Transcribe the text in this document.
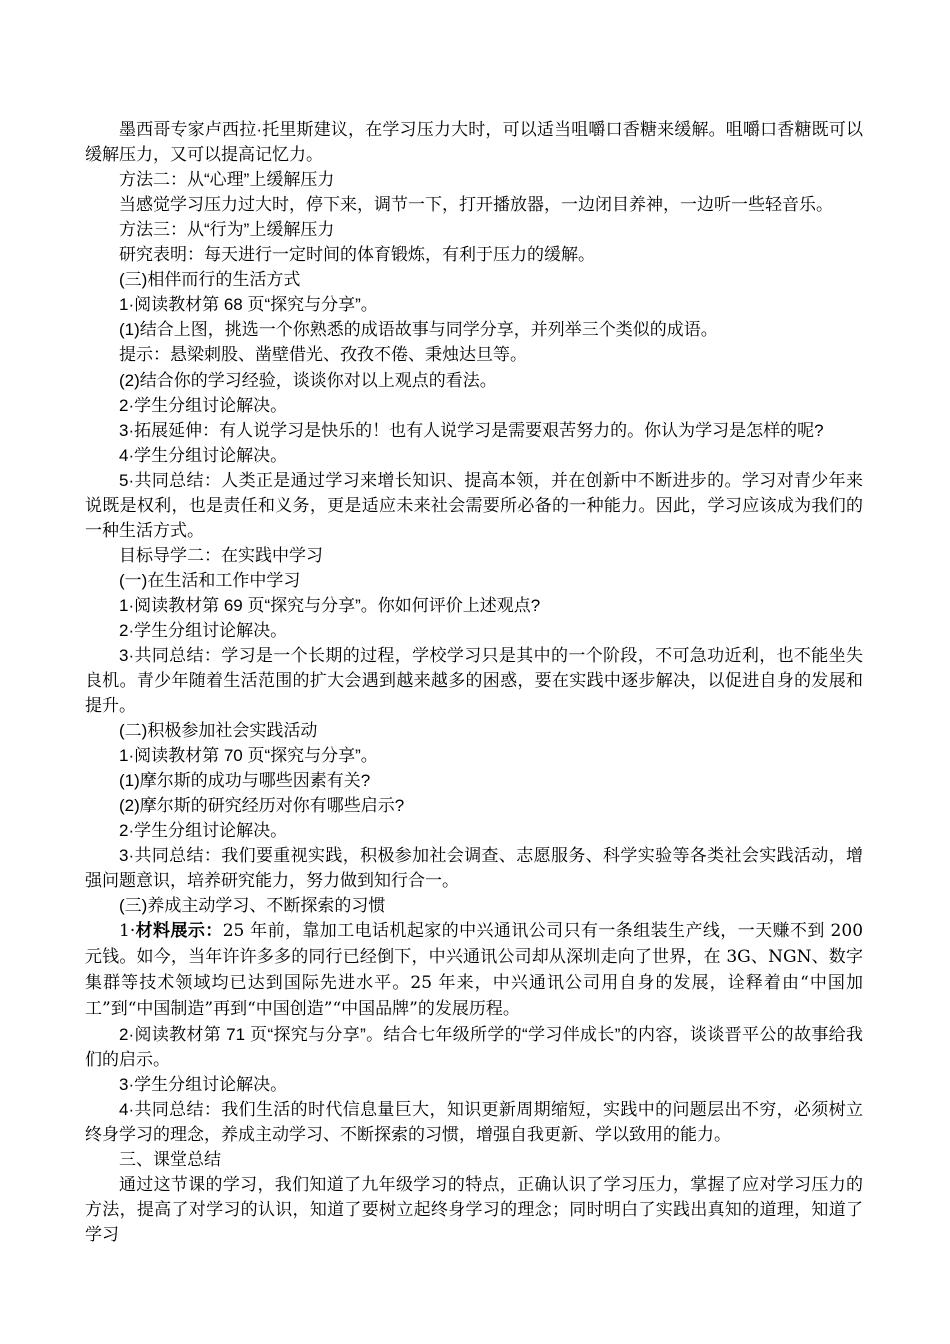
墨西哥专家卢西拉·托里斯建议，在学习压力大时，可以适当咀嚼口香糖来缓解。咀嚼口香糖既可以缓解压力，又可以提高记忆力。

方法二：从“心理”上缓解压力

当感觉学习压力过大时，停下来，调节一下，打开播放器，一边闭目养神，一边听一些轻音乐。

方法三：从“行为”上缓解压力

研究表明：每天进行一定时间的体育锻炼，有利于压力的缓解。

(三)相伴而行的生活方式

1·阅读教材第 68 页“探究与分享”。

(1)结合上图，挑选一个你熟悉的成语故事与同学分享，并列举三个类似的成语。

提示：悬梁刺股、凿壁借光、孜孜不倦、秉烛达旦等。

(2)结合你的学习经验，谈谈你对以上观点的看法。

2·学生分组讨论解决。

3·拓展延伸：有人说学习是快乐的！也有人说学习是需要艰苦努力的。你认为学习是怎样的呢?

4·学生分组讨论解决。

5·共同总结：人类正是通过学习来增长知识、提高本领，并在创新中不断进步的。学习对青少年来说既是权利，也是责任和义务，更是适应未来社会需要所必备的一种能力。因此，学习应该成为我们的一种生活方式。

目标导学二：在实践中学习

(一)在生活和工作中学习

1·阅读教材第 69 页“探究与分享”。你如何评价上述观点?

2·学生分组讨论解决。

3·共同总结：学习是一个长期的过程，学校学习只是其中的一个阶段，不可急功近利，也不能坐失良机。青少年随着生活范围的扩大会遇到越来越多的困惑，要在实践中逐步解决，以促进自身的发展和提升。

(二)积极参加社会实践活动

1·阅读教材第 70 页“探究与分享”。

(1)摩尔斯的成功与哪些因素有关?

(2)摩尔斯的研究经历对你有哪些启示?

2·学生分组讨论解决。

3·共同总结：我们要重视实践，积极参加社会调查、志愿服务、科学实验等各类社会实践活动，增强问题意识，培养研究能力，努力做到知行合一。

(三)养成主动学习、不断探索的习惯

1·材料展示：25 年前，靠加工电话机起家的中兴通讯公司只有一条组装生产线，一天赚不到 200 元钱。如今，当年许许多多的同行已经倒下，中兴通讯公司却从深圳走向了世界，在 3G、NGN、数字集群等技术领域均已达到国际先进水平。25 年来，中兴通讯公司用自身的发展，诠释着由“中国加工”到“中国制造”再到“中国创造”“中国品牌”的发展历程。

2·阅读教材第 71 页“探究与分享”。结合七年级所学的“学习伴成长”的内容，谈谈晋平公的故事给我们的启示。

3·学生分组讨论解决。

4·共同总结：我们生活的时代信息量巨大，知识更新周期缩短，实践中的问题层出不穷，必须树立终身学习的理念，养成主动学习、不断探索的习惯，增强自我更新、学以致用的能力。

三、课堂总结

通过这节课的学习，我们知道了九年级学习的特点，正确认识了学习压力，掌握了应对学习压力的方法，提高了对学习的认识，知道了要树立起终身学习的理念；同时明白了实践出真知的道理，知道了学习
